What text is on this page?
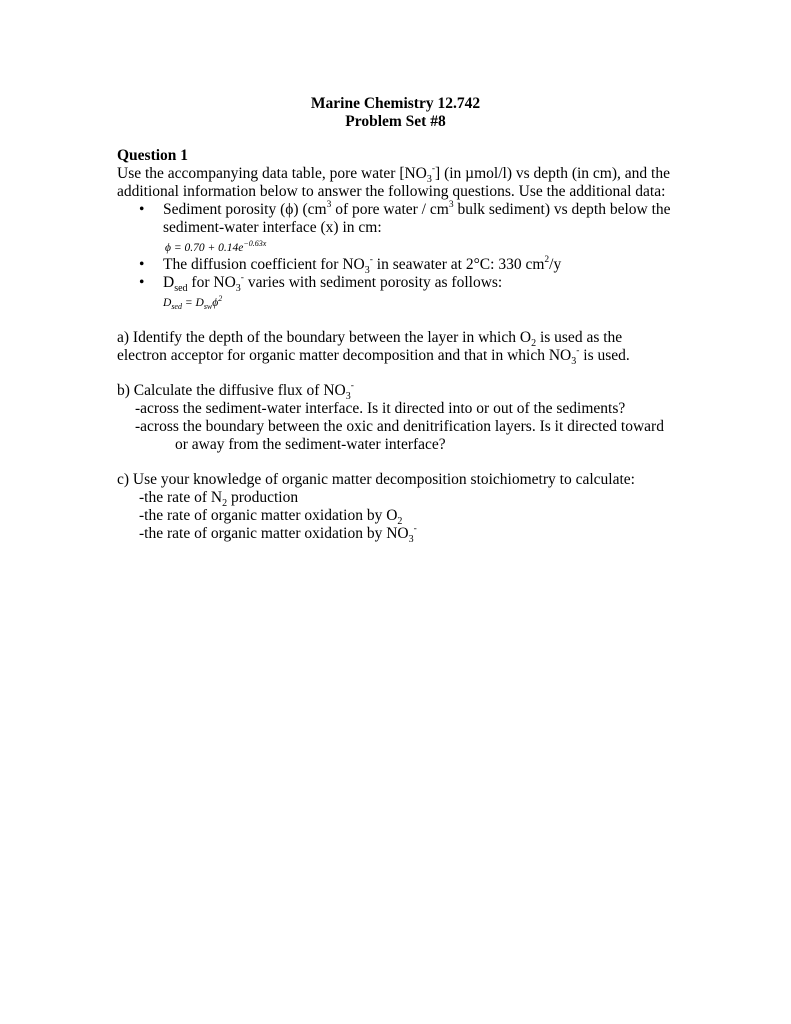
Marine Chemistry 12.742
Problem Set #8
Question 1
Use the accompanying data table, pore water $[NO_3^-]$ (in µmol/l) vs depth (in cm), and the
additional information below to answer the following questions. Use the additional data:
• Sediment porosity (ϕ) ($cm^3$ of pore water / $cm^3$ bulk sediment) vs depth below the
sediment-water interface (x) in cm:
$\phi = 0.70 + 0.14e^{-0.63x}$
• The diffusion coefficient for $NO_3^-$ in seawater at 2°C: 330 $cm^2/y$
• $D_{sed}$ for $NO_3^-$ varies with sediment porosity as follows:
$D_{sed} = D_{sw}\phi^2$
a) Identify the depth of the boundary between the layer in which $O_2$ is used as the
electron acceptor for organic matter decomposition and that in which $NO_3^-$ is used.
b) Calculate the diffusive flux of $NO_3^-$
-across the sediment-water interface. Is it directed into or out of the sediments?
-across the boundary between the oxic and denitrification layers. Is it directed toward
or away from the sediment-water interface?
c) Use your knowledge of organic matter decomposition stoichiometry to calculate:
-the rate of $N_2$ production
-the rate of organic matter oxidation by $O_2$
-the rate of organic matter oxidation by $NO_3^-$
